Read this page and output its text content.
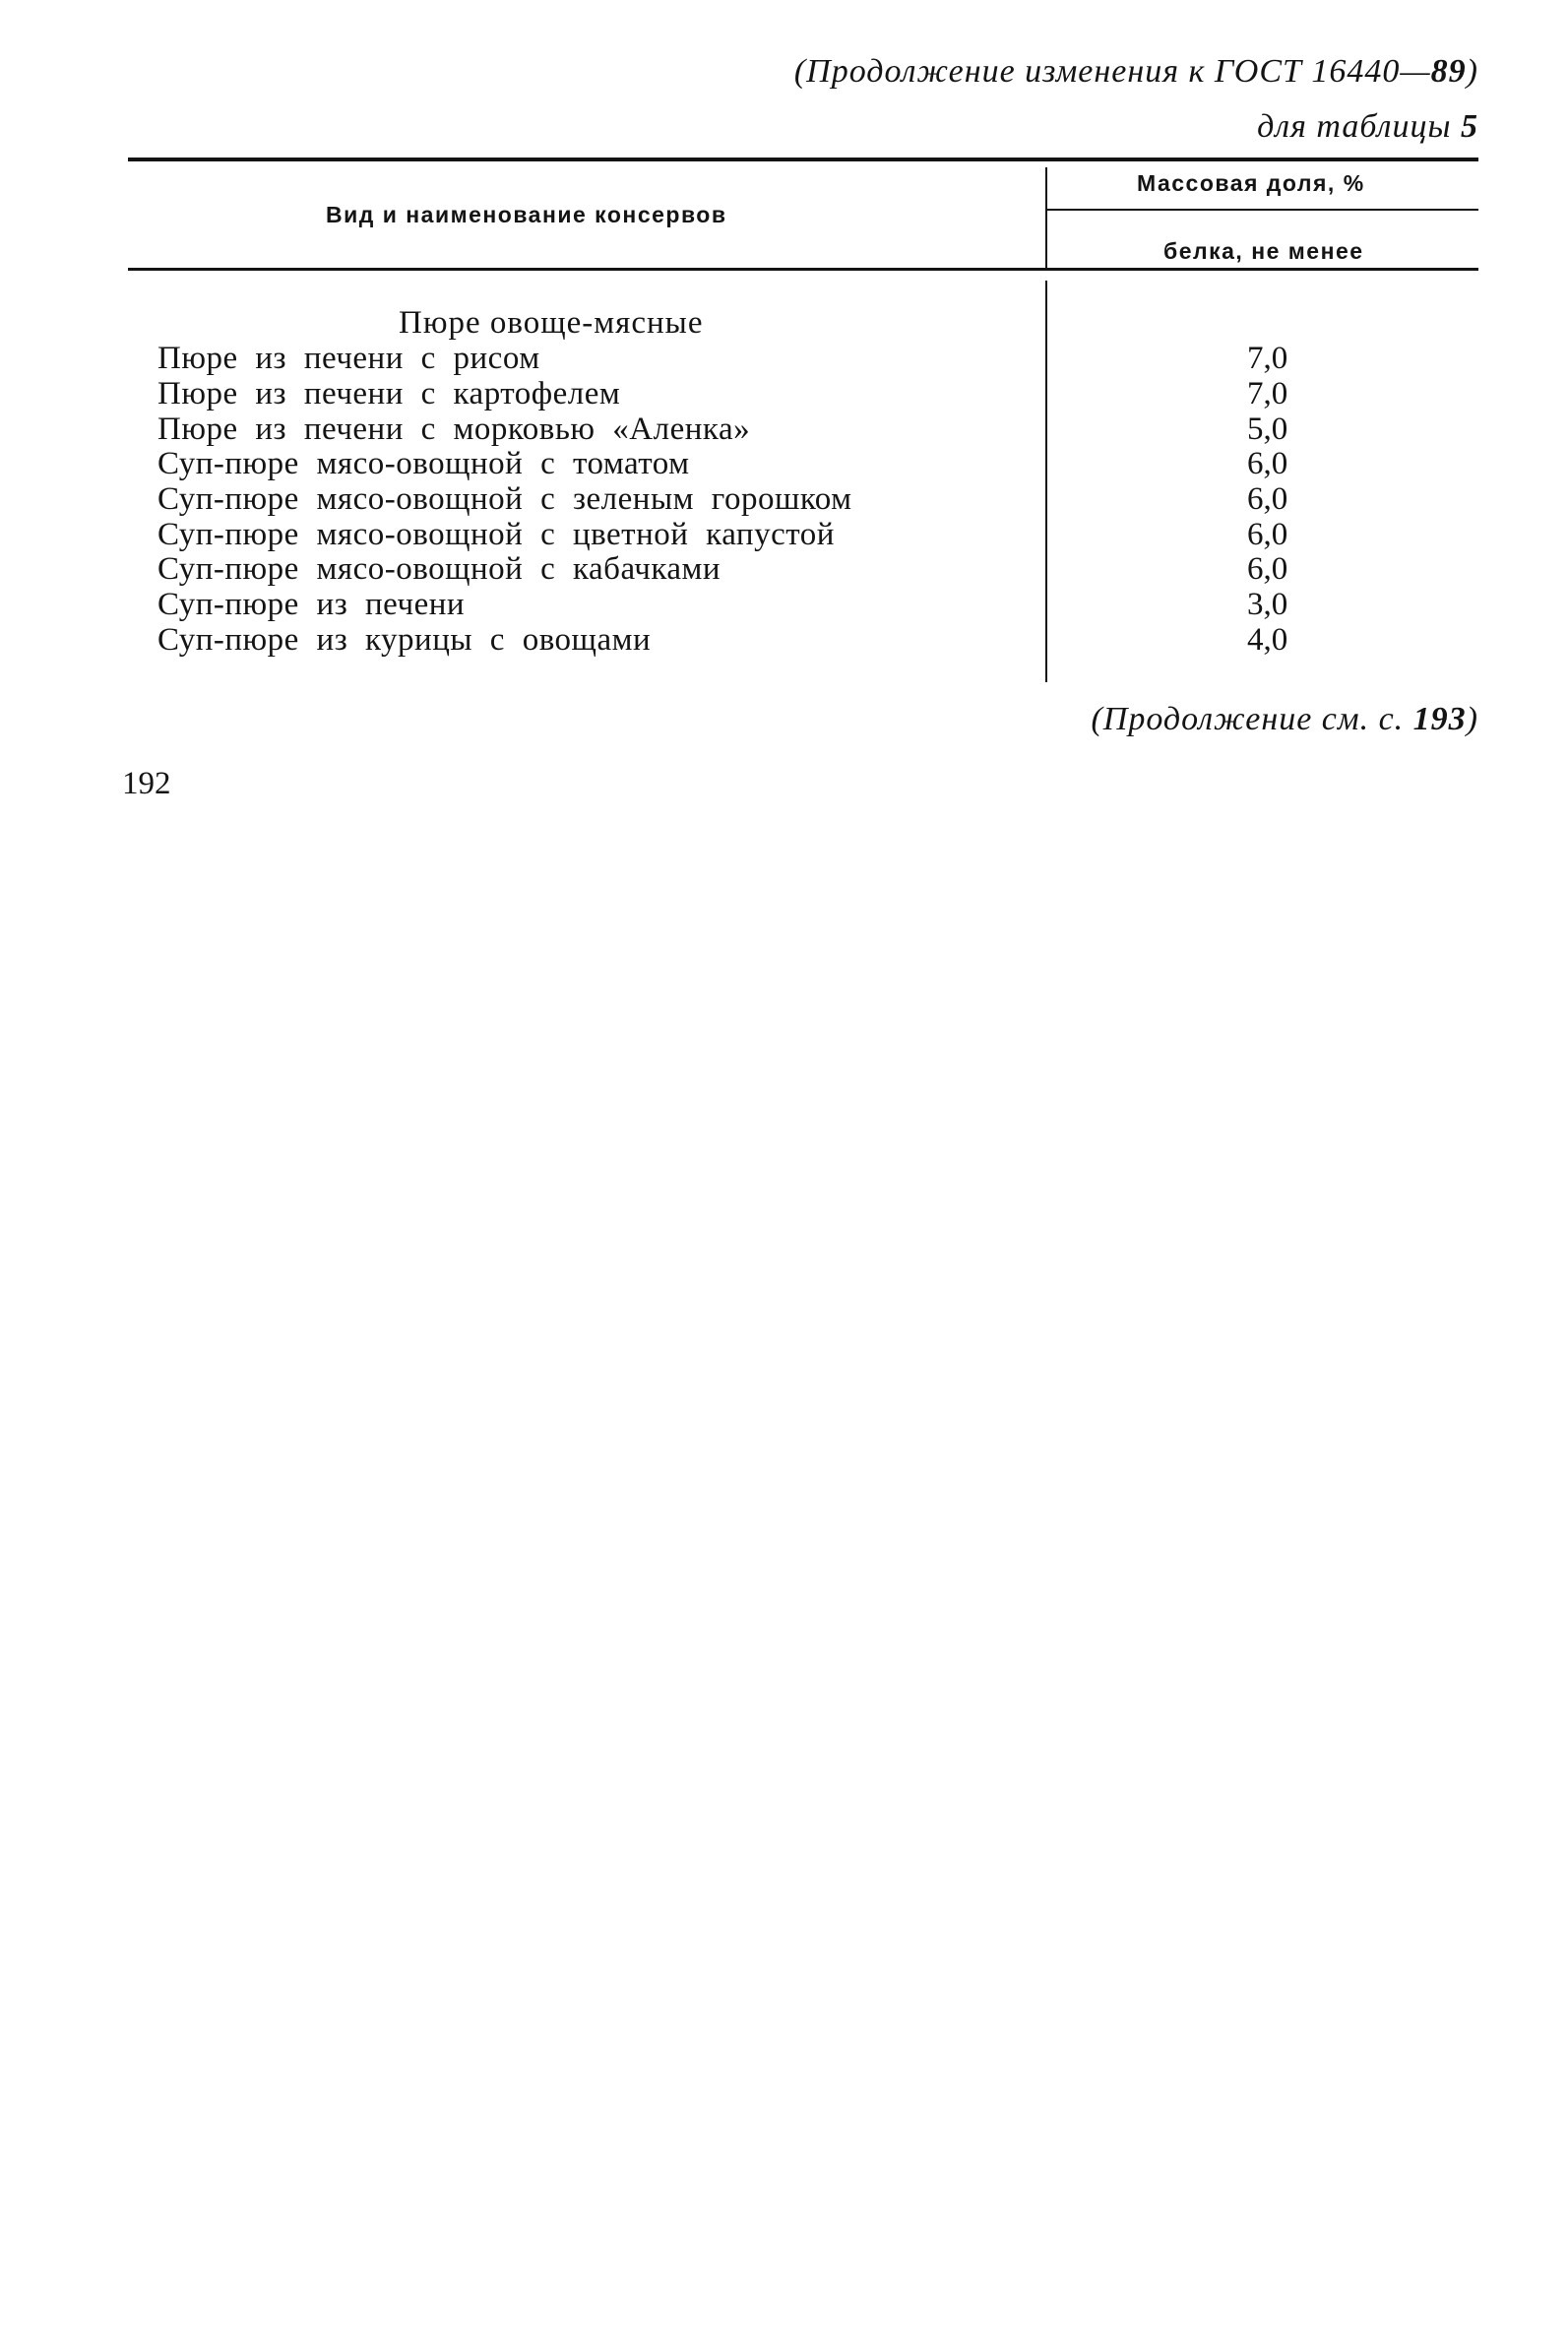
(Продолжение изменения к ГОСТ 16440—89)
для таблицы 5
Вид и наименование консервов
Массовая доля, %
белка, не менее
Пюре овоще-мясные
Пюре из печени с рисом	7,0
Пюре из печени с картофелем	7,0
Пюре из печени с морковью «Аленка»	5,0
Суп-пюре мясо-овощной с томатом	6,0
Суп-пюре мясо-овощной с зеленым горошком	6,0
Суп-пюре мясо-овощной с цветной капустой	6,0
Суп-пюре мясо-овощной с кабачками	6,0
Суп-пюре из печени	3,0
Суп-пюре из курицы с овощами	4,0
(Продолжение см. с. 193)
192
